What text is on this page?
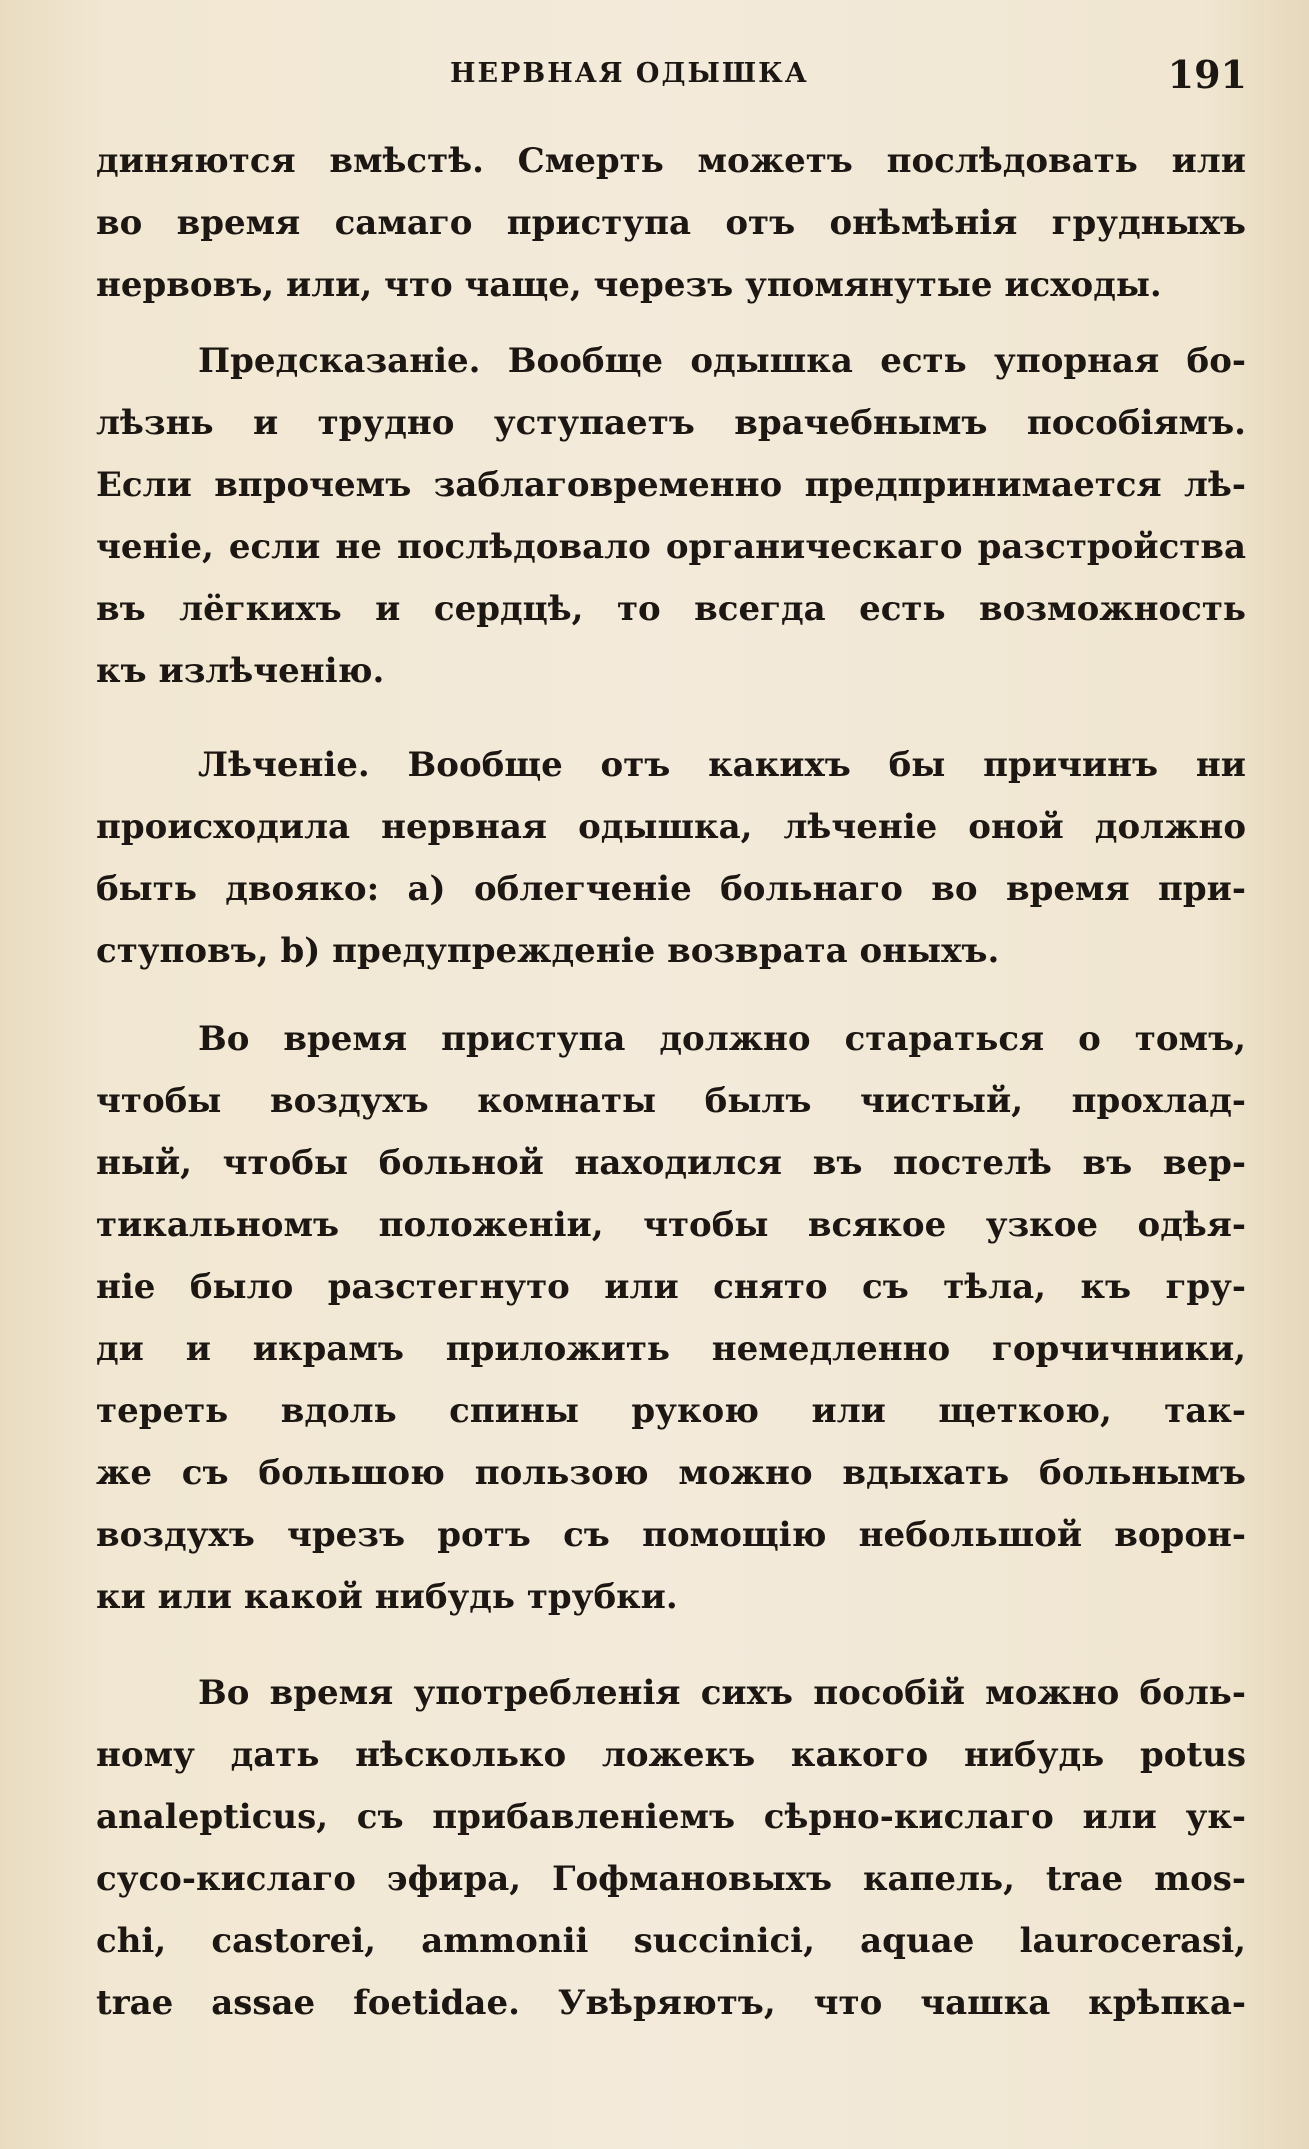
НЕРВНАЯ ОДЫШКА	191
диняются вмѣстѣ. Смерть можетъ послѣдовать или
во время самаго приступа отъ онѣмѣнія грудныхъ
нервовъ, или, что чаще, черезъ упомянутые исходы.
Предсказаніе. Вообще одышка есть упорная бо-
лѣзнь и трудно уступаетъ врачебнымъ пособіямъ.
Если впрочемъ заблаговременно предпринимается лѣ-
ченіе, если не послѣдовало органическаго разстройства
въ лёгкихъ и сердцѣ, то всегда есть возможность
къ излѣченію.
Лѣченіе. Вообще отъ какихъ бы причинъ ни
происходила нервная одышка, лѣченіе оной должно
быть двояко: а) облегченіе больнаго во время при-
ступовъ, b) предупрежденіе возврата оныхъ.
Во время приступа должно стараться о томъ,
чтобы воздухъ комнаты былъ чистый, прохлад-
ный, чтобы больной находился въ постелѣ въ вер-
тикальномъ положеніи, чтобы всякое узкое одѣя-
ніе было разстегнуто или снято съ тѣла, къ гру-
ди и икрамъ приложить немедленно горчичники,
тереть вдоль спины рукою или щеткою, так-
же съ большою пользою можно вдыхать больнымъ
воздухъ чрезъ ротъ съ помощію небольшой ворон-
ки или какой нибудь трубки.
Во время употребленія сихъ пособій можно боль-
ному дать нѣсколько ложекъ какого нибудь potus
analepticus, съ прибавленіемъ сѣрно-кислаго или ук-
сусо-кислаго эфира, Гофмановыхъ капель, trae mos-
chi, castorei, ammonii succinici, aquae laurocerasi,
trae assae foetidae. Увѣряютъ, что чашка крѣпка-
